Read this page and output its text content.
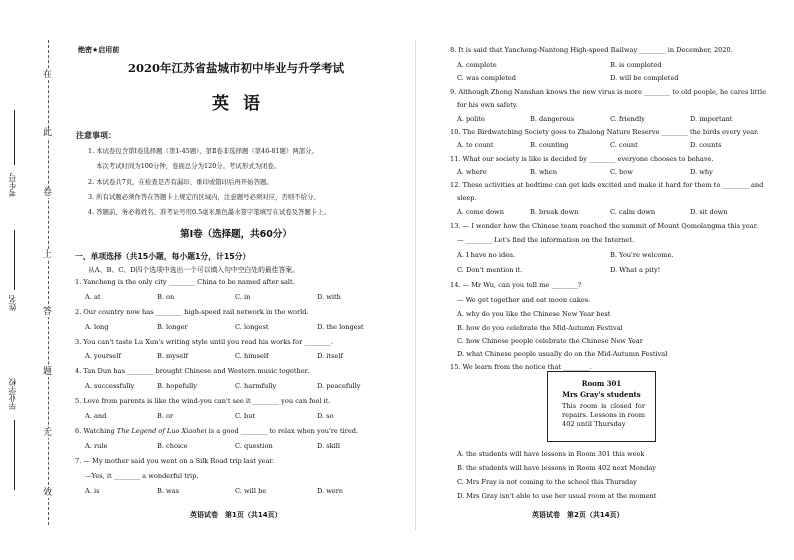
在
此
卷
上
答
题
无
效
考生号
姓名
毕业学校
绝密★启用前
2020年江苏省盐城市初中毕业与升学考试
英语
注意事项：
1. 本试卷包含第Ⅰ卷选择题（第1-45题）、第Ⅱ卷非选择题（第46-81题）两部分。
本次考试时间为100分钟，卷面总分为120分。考试形式为闭卷。
2. 本试卷共7页，在检查是否有漏印、重印或错印后再开始答题。
3. 所有试题必须作答在答题卡上规定的区域内，注意题号必须对应，否则不给分。
4. 答题前，务必将姓名、准考证号用0.5毫米黑色墨水签字笔填写在试卷及答题卡上。
第Ⅰ卷（选择题，共60分）
一、单项选择（共15小题，每小题1分，计15分）
从A、B、C、D四个选项中选出一个可以填入句中空白处的最佳答案。
1. Yancheng is the only city ________ China to be named after salt.
A. at	B. on	C. in	D. with
2. Our country now has ________ high-speed rail network in the world.
A. long	B. longer	C. longest	D. the longest
3. You can't taste Lu Xun's writing style until you read his works for ________.
A. yourself	B. myself	C. himself	D. itself
4. Tan Dun has ________ brought Chinese and Western music together.
A. successfully	B. hopefully	C. harmfully	D. peacefully
5. Love from parents is like the wind-you can't see it ________ you can feel it.
A. and	B. or	C. but	D. so
6. Watching The Legend of Luo Xiaohei is a good ________ to relax when you're tired.
A. rule	B. choice	C. question	D. skill
7. — My mother said you went on a Silk Road trip last year.
—Yes, it ________ a wonderful trip.
A. is	B. was	C. will be	D. were
英语试卷　第1页（共14页）
8. It is said that Yancheng-Nantong High-speed Railway ________ in December, 2020.
A. complete	B. is completed
C. was completed	D. will be completed
9. Although Zhong Nanshan knows the new virus is more ________ to old people, he cares little
for his own safety.
A. polite	B. dangerous	C. friendly	D. important
10. The Birdwatching Society goes to Zhalong Nature Reserve ________ the birds every year.
A. to count	B. counting	C. count	D. counts
11. What our society is like is decided by ________ everyone chooses to behave.
A. where	B. when	C. how	D. why
12. These activities at bedtime can get kids excited and make it hard for them to ________ and
sleep.
A. come down	B. break down	C. calm down	D. sit down
13. — I wonder how the Chinese team reached the summit of Mount Qomolangma this year.
— ________ Let's find the information on the Internet.
A. I have no idea.	B. You're welcome.
C. Don't mention it.	D. What a pity!
14. — Mr Wu, can you tell me ________?
— We get together and eat moon cakes.
A. why do you like the Chinese New Year best
B. how do you celebrate the Mid-Autumn Festival
C. how Chinese people celebrate the Chinese New Year
D. what Chinese people usually do on the Mid-Autumn Festival
15. We learn from the notice that ________.
Room 301
Mrs Gray's students
This room is closed for repairs. Lessons in room 402 until Thursday
A. the students will have lessons in Room 301 this week
B. the students will have lessons in Room 402 next Monday
C. Mrs Fray is not coming to the school this Thursday
D. Mrs Gray isn't able to use her usual room at the moment
英语试卷　第2页（共14页）
